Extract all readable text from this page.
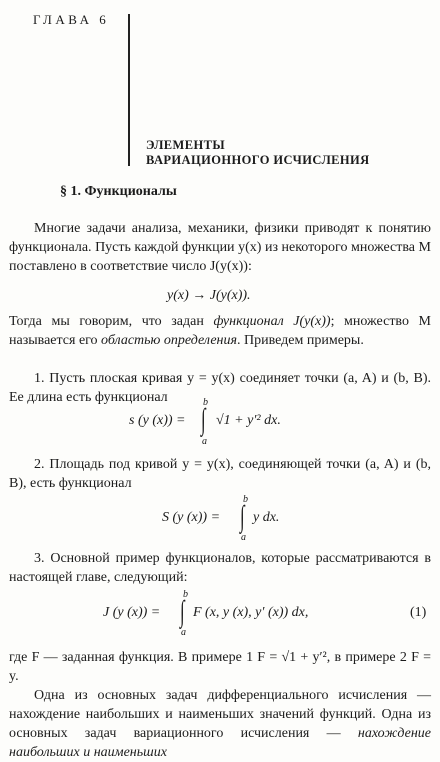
ГЛАВА 6
ЭЛЕМЕНТЫ
ВАРИАЦИОННОГО ИСЧИСЛЕНИЯ
§ 1. Функционалы
Многие задачи анализа, механики, физики приводят к понятию функционала. Пусть каждой функции y(x) из некоторого множества M поставлено в соответствие число J(y(x)):
y(x) → J(y(x)).
Тогда мы говорим, что задан функционал J(y(x)); множество M называется его областью определения. Приведем примеры.
1. Пусть плоская кривая y = y(x) соединяет точки (a, A) и (b, B). Ее длина есть функционал
s (y (x)) =
b
∫
a
√1 + y′² dx.
2. Площадь под кривой y = y(x), соединяющей точки (a, A) и (b, B), есть функционал
S (y (x)) =
b
∫
a
y dx.
3. Основной пример функционалов, которые рассматриваются в настоящей главе, следующий:
J (y (x)) =
b
∫
a
F (x, y (x), y′ (x)) dx,	(1)
где F — заданная функция. В примере 1 F = √1 + y′², в примере 2 F = y.
Одна из основных задач дифференциального исчисления — нахождение наибольших и наименьших значений функций. Одна из основных задач вариационного исчисления — нахождение наибольших и наименьших
